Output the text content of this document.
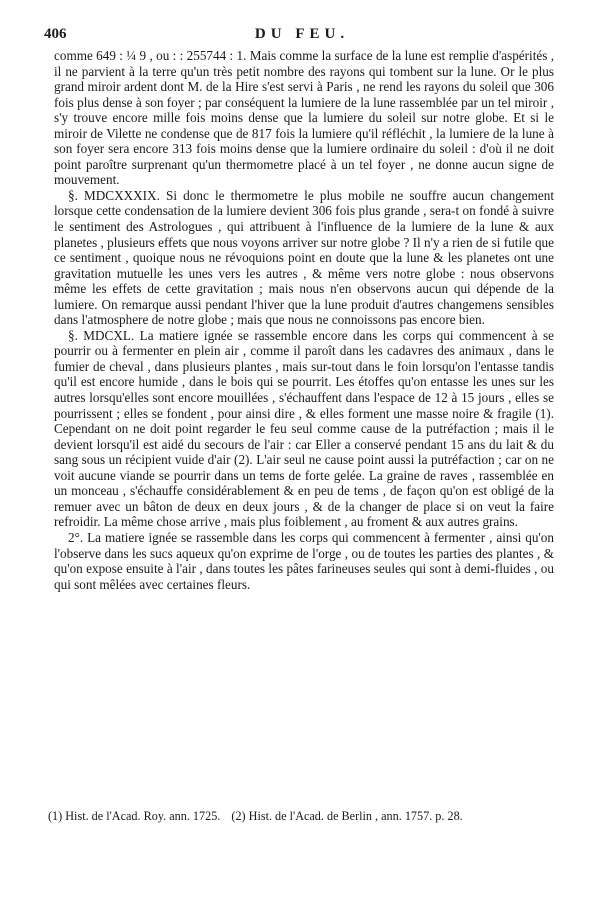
406	DU FEU.

comme 649 : ¼ 9 , ou : : 255744 : 1. Mais comme la surface de la lune est remplie d'aspérités , il ne parvient à la terre qu'un très petit nombre des rayons qui tombent sur la lune. Or le plus grand miroir ardent dont M. de la Hire s'est servi à Paris , ne rend les rayons du soleil que 306 fois plus dense à son foyer ; par conséquent la lumiere de la lune rassemblée par un tel miroir , s'y trouve encore mille fois moins dense que la lumiere du soleil sur notre globe. Et si le miroir de Vilette ne condense que de 817 fois la lumiere qu'il réfléchit , la lumiere de la lune à son foyer sera encore 313 fois moins dense que la lumiere ordinaire du soleil : d'où il ne doit point paroître surprenant qu'un thermometre placé à un tel foyer , ne donne aucun signe de mouvement.

§. MDCXXXIX. Si donc le thermometre le plus mobile ne souffre aucun changement lorsque cette condensation de la lumiere devient 306 fois plus grande , sera-t on fondé à suivre le sentiment des Astrologues , qui attribuent à l'influence de la lumiere de la lune & aux planetes , plusieurs effets que nous voyons arriver sur notre globe ? Il n'y a rien de si futile que ce sentiment , quoique nous ne révoquions point en doute que la lune & les planetes ont une gravitation mutuelle les unes vers les autres , & même vers notre globe : nous observons même les effets de cette gravitation ; mais nous n'en observons aucun qui dépende de la lumiere. On remarque aussi pendant l'hiver que la lune produit d'autres changemens sensibles dans l'atmosphere de notre globe ; mais que nous ne connoissons pas encore bien.

§. MDCXL. La matiere ignée se rassemble encore dans les corps qui commencent à se pourrir ou à fermenter en plein air , comme il paroît dans les cadavres des animaux , dans le fumier de cheval , dans plusieurs plantes , mais sur-tout dans le foin lorsqu'on l'entasse tandis qu'il est encore humide , dans le bois qui se pourrit. Les étoffes qu'on entasse les unes sur les autres lorsqu'elles sont encore mouillées , s'échauffent dans l'espace de 12 à 15 jours , elles se pourrissent ; elles se fondent , pour ainsi dire , & elles forment une masse noire & fragile (1). Cependant on ne doit point regarder le feu seul comme cause de la putréfaction ; mais il le devient lorsqu'il est aidé du secours de l'air : car Eller a conservé pendant 15 ans du lait & du sang sous un récipient vuide d'air (2). L'air seul ne cause point aussi la putréfaction ; car on ne voit aucune viande se pourrir dans un tems de forte gelée. La graine de raves , rassemblée en un monceau , s'échauffe considérablement & en peu de tems , de façon qu'on est obligé de la remuer avec un bâton de deux en deux jours , & de la changer de place si on veut la faire refroidir. La même chose arrive , mais plus foiblement , au froment & aux autres grains.

2°. La matiere ignée se rassemble dans les corps qui commencent à fermenter , ainsi qu'on l'observe dans les sucs aqueux qu'on exprime de l'orge , ou de toutes les parties des plantes , & qu'on expose ensuite à l'air , dans toutes les pâtes farineuses seules qui sont à demi-fluides , ou qui sont mêlées avec certaines fleurs.

(1) Hist. de l'Acad. Roy. ann. 1725. (2) Hist. de l'Acad. de Berlin , ann. 1757. p. 28.
